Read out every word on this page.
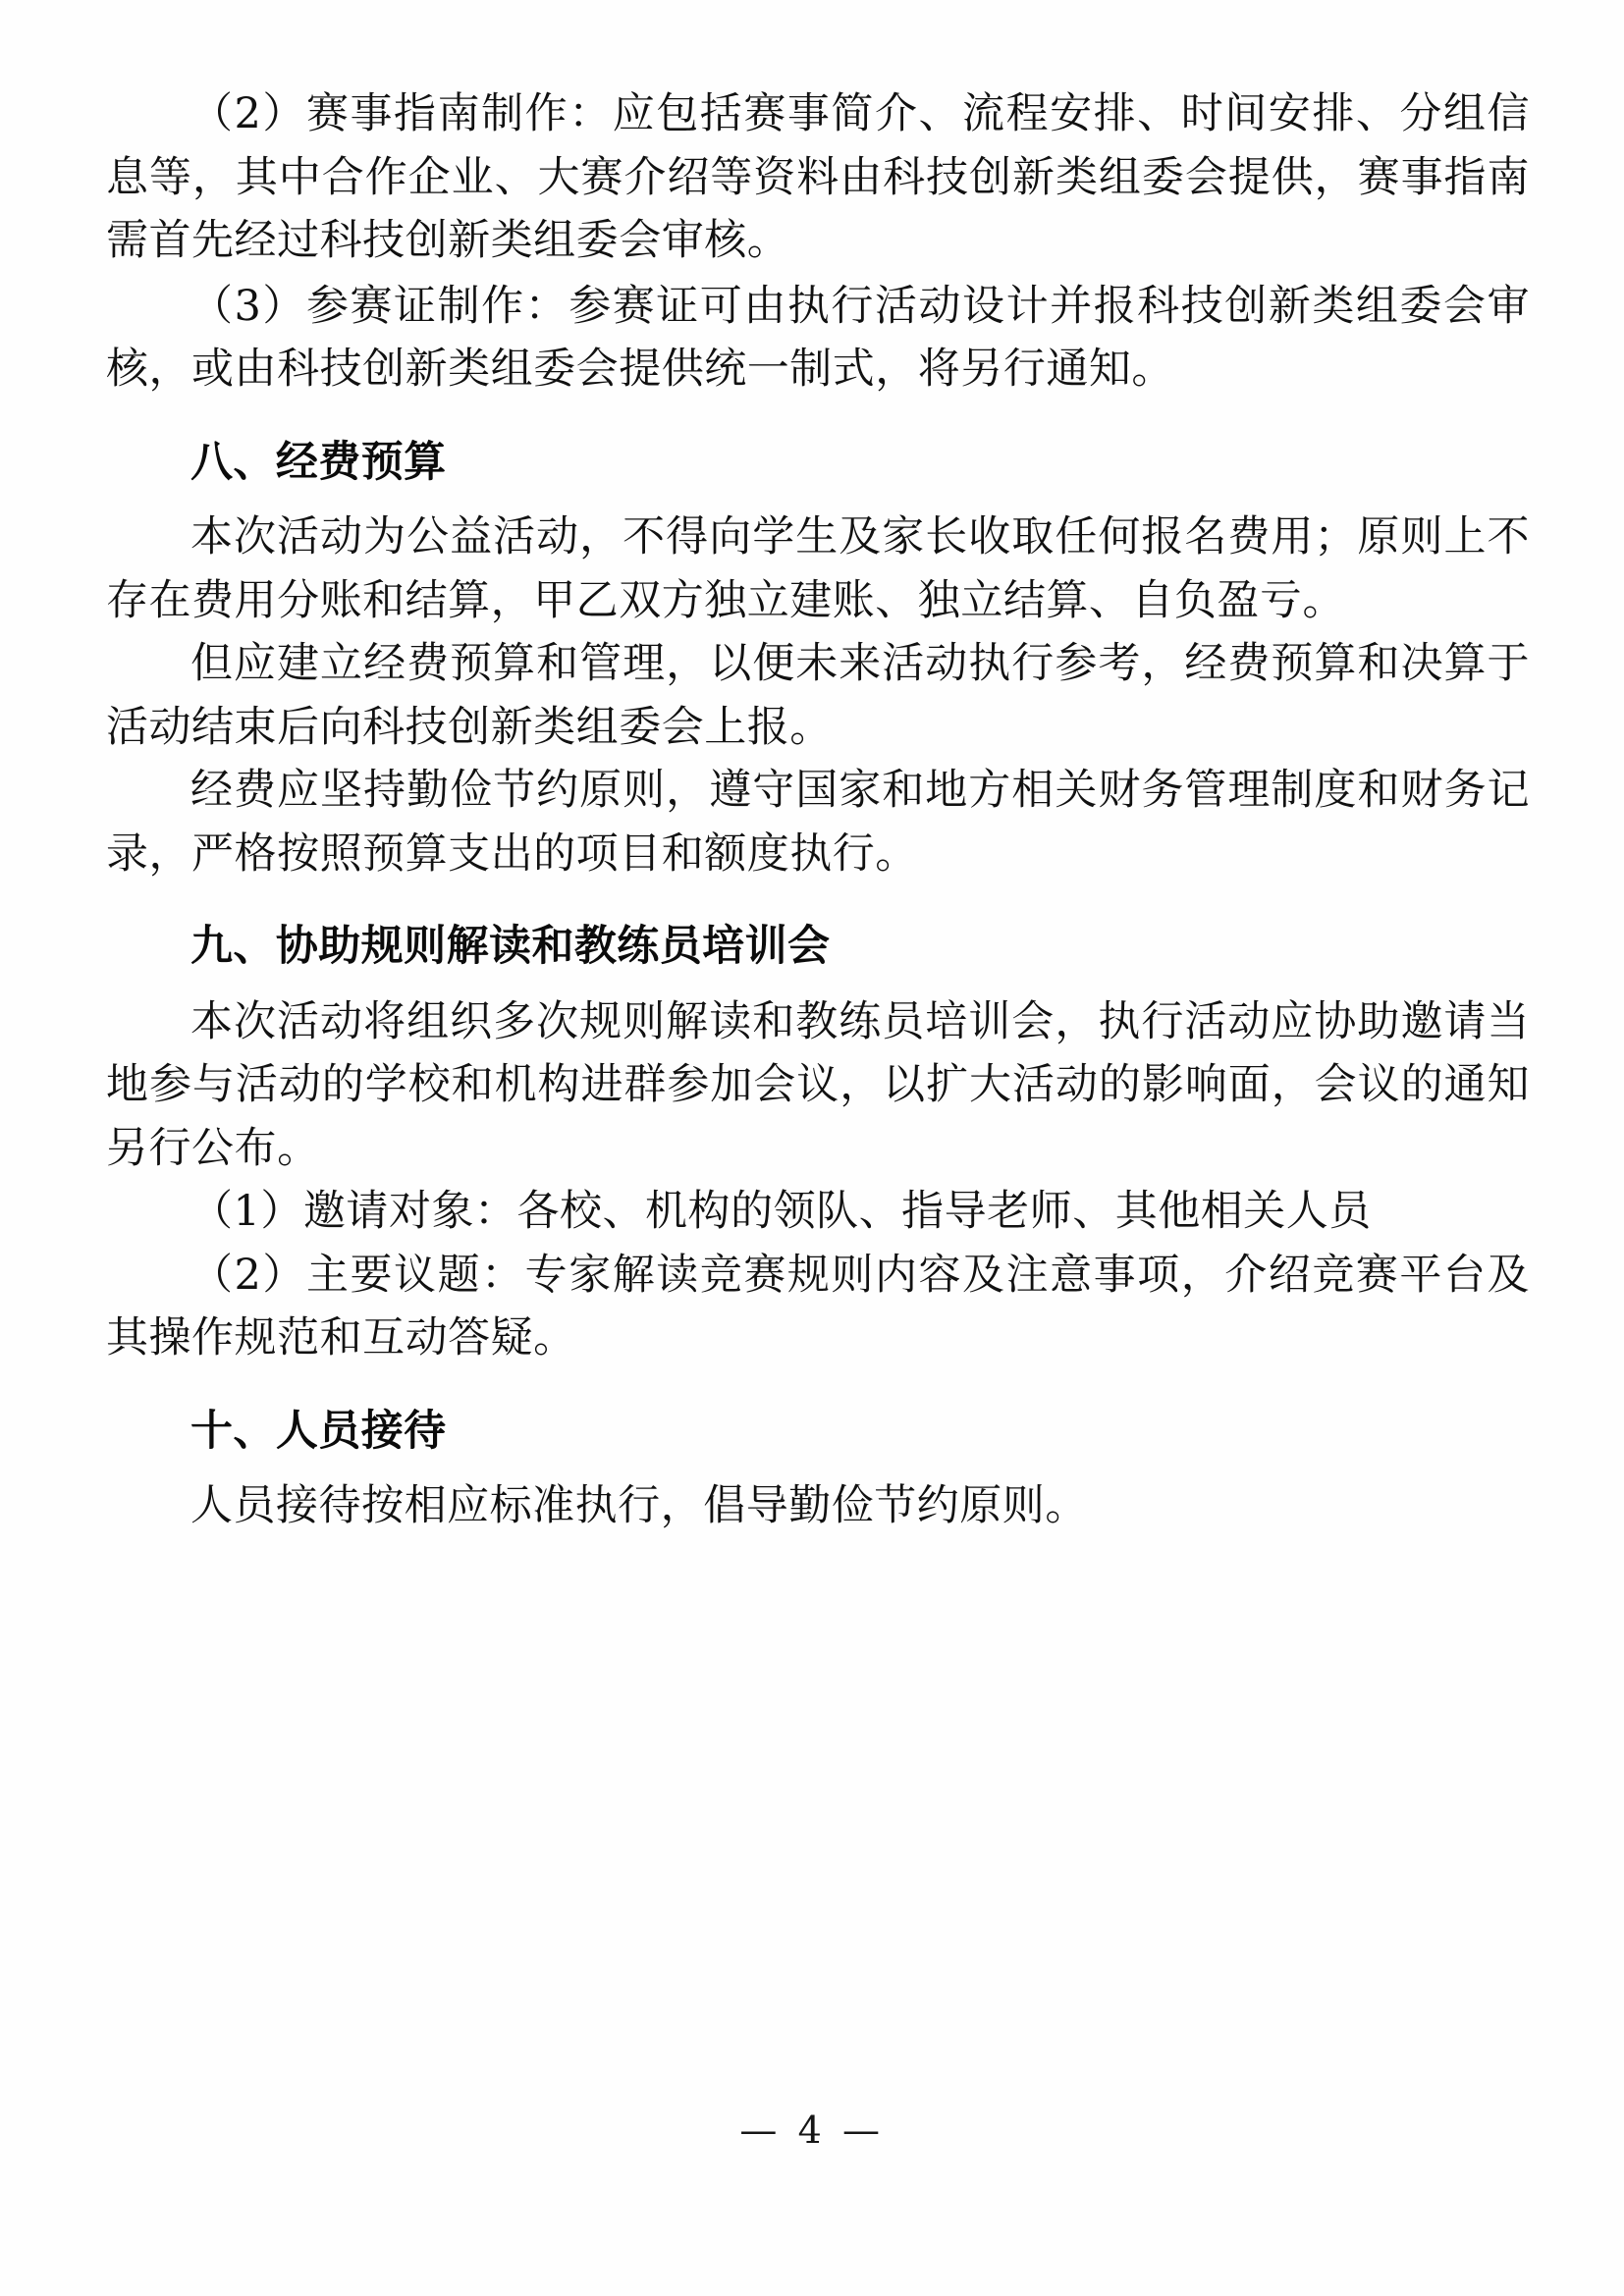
（2）赛事指南制作：应包括赛事简介、流程安排、时间安排、分组信息等，其中合作企业、大赛介绍等资料由科技创新类组委会提供，赛事指南需首先经过科技创新类组委会审核。

（3）参赛证制作：参赛证可由执行活动设计并报科技创新类组委会审核，或由科技创新类组委会提供统一制式，将另行通知。

八、经费预算

本次活动为公益活动，不得向学生及家长收取任何报名费用；原则上不存在费用分账和结算，甲乙双方独立建账、独立结算、自负盈亏。

但应建立经费预算和管理，以便未来活动执行参考，经费预算和决算于活动结束后向科技创新类组委会上报。

经费应坚持勤俭节约原则，遵守国家和地方相关财务管理制度和财务记录，严格按照预算支出的项目和额度执行。

九、协助规则解读和教练员培训会

本次活动将组织多次规则解读和教练员培训会，执行活动应协助邀请当地参与活动的学校和机构进群参加会议，以扩大活动的影响面，会议的通知另行公布。

（1）邀请对象：各校、机构的领队、指导老师、其他相关人员

（2）主要议题：专家解读竞赛规则内容及注意事项，介绍竞赛平台及其操作规范和互动答疑。

十、人员接待

人员接待按相应标准执行，倡导勤俭节约原则。

— 4 —
